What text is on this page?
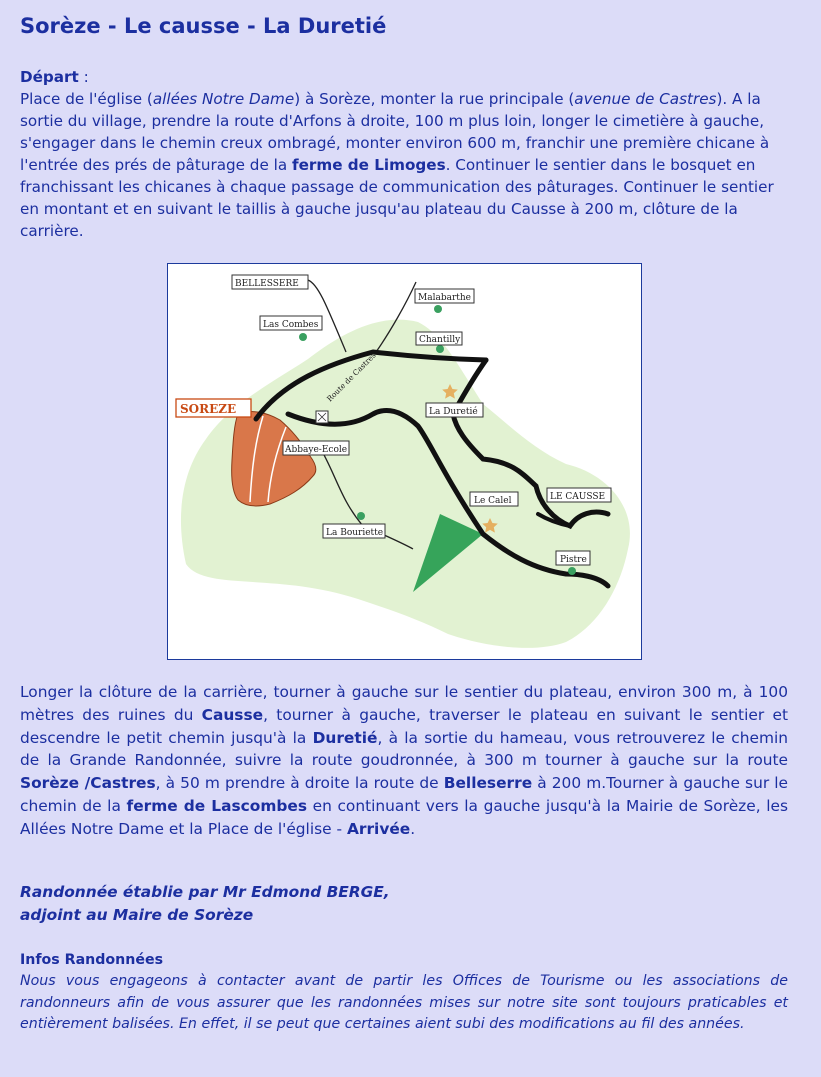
Sorèze - Le causse - La Duretié
Départ :
Place de l'église (allées Notre Dame) à Sorèze, monter la rue principale (avenue de Castres). A la sortie du village, prendre la route d'Arfons à droite, 100 m plus loin, longer le cimetière à gauche, s'engager dans le chemin creux ombragé, monter environ 600 m, franchir une première chicane à l'entrée des prés de pâturage de la ferme de Limoges. Continuer le sentier dans le bosquet en franchissant les chicanes à chaque passage de communication des pâturages. Continuer le sentier en montant et en suivant le taillis à gauche jusqu'au plateau du Causse à 200 m, clôture de la carrière.
BELLESSERE
Las Combes
Malabarthe
Chantilly
Route de Castres
SOREZE	La Duretié
Abbaye-Ecole
Le Calel	LE CAUSSE
La Bouriette
Pistre
Longer la clôture de la carrière, tourner à gauche sur le sentier du plateau, environ 300 m, à 100 mètres des ruines du Causse, tourner à gauche, traverser le plateau en suivant le sentier et descendre le petit chemin jusqu'à la Duretié, à la sortie du hameau, vous retrouverez le chemin de la Grande Randonnée, suivre la route goudronnée, à 300 m tourner à gauche sur la route Sorèze /Castres, à 50 m prendre à droite la route de Belleserre à 200 m.Tourner à gauche sur le chemin de la ferme de Lascombes en continuant vers la gauche jusqu'à la Mairie de Sorèze, les Allées Notre Dame et la Place de l'église - Arrivée.
Randonnée établie par Mr Edmond BERGE,
adjoint au Maire de Sorèze
Infos Randonnées
Nous vous engageons à contacter avant de partir les Offices de Tourisme ou les associations de randonneurs afin de vous assurer que les randonnées mises sur notre site sont toujours praticables et entièrement balisées. En effet, il se peut que certaines aient subi des modifications au fil des années.
